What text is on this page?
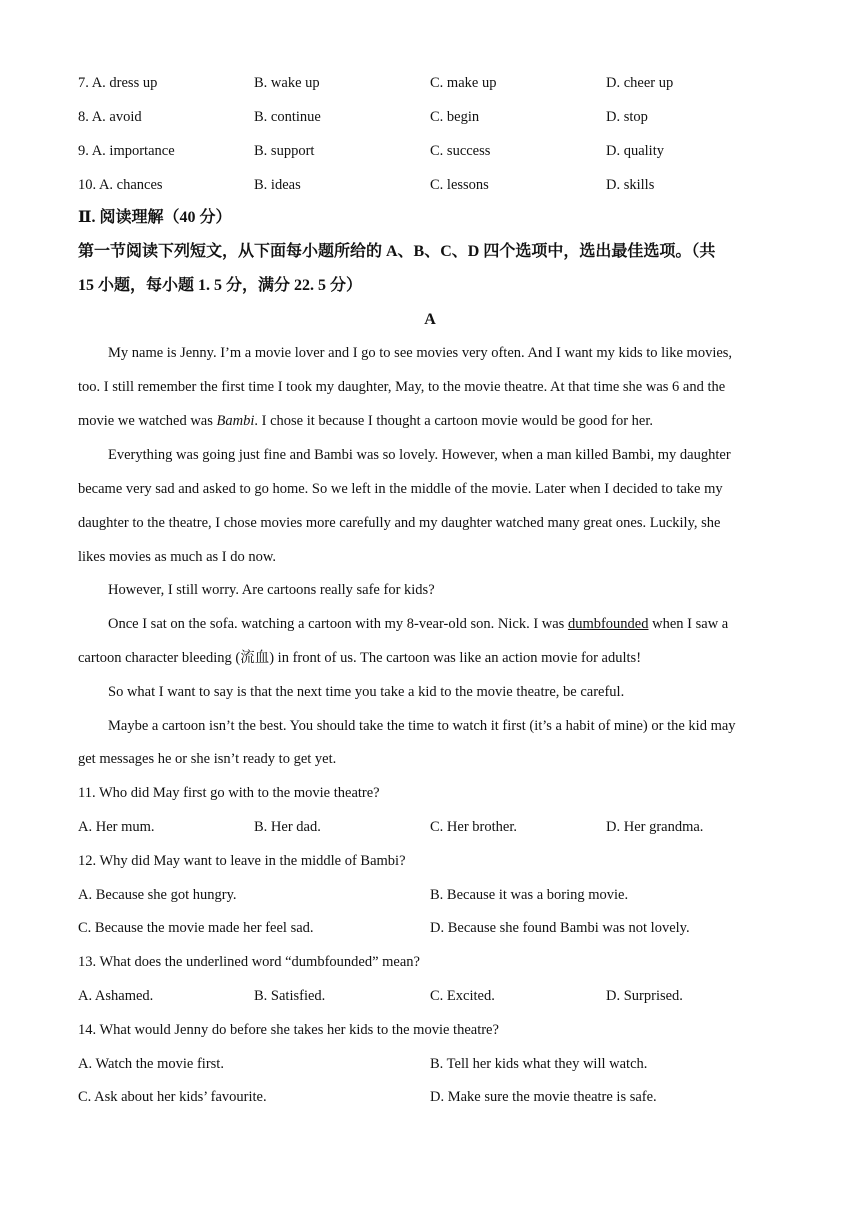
7. A. dress up	B. wake up	C. make up	D. cheer up
8. A. avoid	B. continue	C. begin	D. stop
9. A. importance	B. support	C. success	D. quality
10. A. chances	B. ideas	C. lessons	D. skills
Ⅱ. 阅读理解（40 分）
第一节阅读下列短文，从下面每小题所给的 A、B、C、D 四个选项中，选出最佳选项。（共
15 小题，每小题 1. 5 分，满分 22. 5 分）
A
My name is Jenny. I’m a movie lover and I go to see movies very often. And I want my kids to like movies,
too. I still remember the first time I took my daughter, May, to the movie theatre. At that time she was 6 and the
movie we watched was Bambi. I chose it because I thought a cartoon movie would be good for her.
Everything was going just fine and Bambi was so lovely. However, when a man killed Bambi, my daughter
became very sad and asked to go home. So we left in the middle of the movie. Later when I decided to take my
daughter to the theatre, I chose movies more carefully and my daughter watched many great ones. Luckily, she
likes movies as much as I do now.
However, I still worry. Are cartoons really safe for kids?
Once I sat on the sofa. watching a cartoon with my 8-vear-old son. Nick. I was dumbfounded when I saw a
cartoon character bleeding (流血) in front of us. The cartoon was like an action movie for adults!
So what I want to say is that the next time you take a kid to the movie theatre, be careful.
Maybe a cartoon isn’t the best. You should take the time to watch it first (it’s a habit of mine) or the kid may
get messages he or she isn’t ready to get yet.
11. Who did May first go with to the movie theatre?
A. Her mum.	B. Her dad.	C. Her brother.	D. Her grandma.
12. Why did May want to leave in the middle of Bambi?
A. Because she got hungry.	B. Because it was a boring movie.
C. Because the movie made her feel sad.	D. Because she found Bambi was not lovely.
13. What does the underlined word “dumbfounded” mean?
A. Ashamed.	B. Satisfied.	C. Excited.	D. Surprised.
14. What would Jenny do before she takes her kids to the movie theatre?
A. Watch the movie first.	B. Tell her kids what they will watch.
C. Ask about her kids’ favourite.	D. Make sure the movie theatre is safe.
